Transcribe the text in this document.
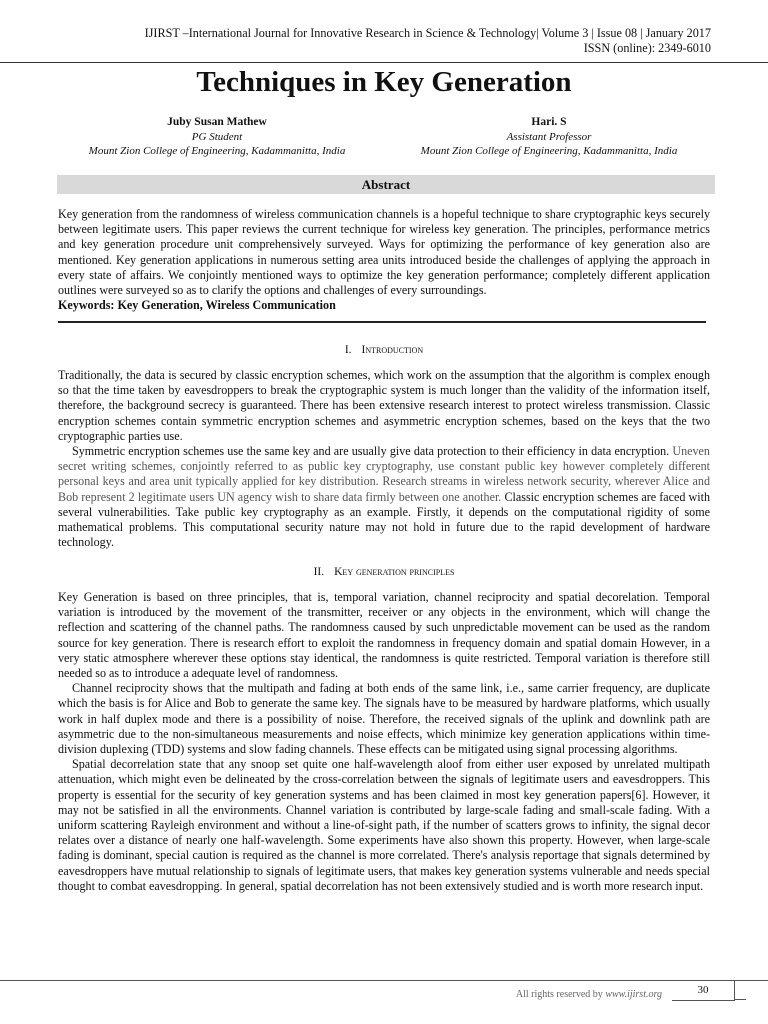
IJIRST –International Journal for Innovative Research in Science & Technology| Volume 3 | Issue 08 | January 2017
ISSN (online): 2349-6010
Techniques in Key Generation
Juby Susan Mathew
PG Student
Mount Zion College of Engineering, Kadammanitta, India
Hari. S
Assistant Professor
Mount Zion College of Engineering, Kadammanitta, India
Abstract
Key generation from the randomness of wireless communication channels is a hopeful technique to share cryptographic keys securely between legitimate users. This paper reviews the current technique for wireless key generation. The principles, performance metrics and key generation procedure unit comprehensively surveyed. Ways for optimizing the performance of key generation also are mentioned. Key generation applications in numerous setting area units introduced beside the challenges of applying the approach in every state of affairs. We conjointly mentioned ways to optimize the key generation performance; completely different application outlines were surveyed so as to clarify the options and challenges of every surroundings.
Keywords: Key Generation, Wireless Communication
I. Introduction
Traditionally, the data is secured by classic encryption schemes, which work on the assumption that the algorithm is complex enough so that the time taken by eavesdroppers to break the cryptographic system is much longer than the validity of the information itself, therefore, the background secrecy is guaranteed. There has been extensive research interest to protect wireless transmission. Classic encryption schemes contain symmetric encryption schemes and asymmetric encryption schemes, based on the keys that the two cryptographic parties use.
Symmetric encryption schemes use the same key and are usually give data protection to their efficiency in data encryption. Uneven secret writing schemes, conjointly referred to as public key cryptography, use constant public key however completely different personal keys and area unit typically applied for key distribution. Research streams in wireless network security, wherever Alice and Bob represent 2 legitimate users UN agency wish to share data firmly between one another. Classic encryption schemes are faced with several vulnerabilities. Take public key cryptography as an example. Firstly, it depends on the computational rigidity of some mathematical problems. This computational security nature may not hold in future due to the rapid development of hardware technology.
II. Key generation principles
Key Generation is based on three principles, that is, temporal variation, channel reciprocity and spatial decorelation. Temporal variation is introduced by the movement of the transmitter, receiver or any objects in the environment, which will change the reflection and scattering of the channel paths. The randomness caused by such unpredictable movement can be used as the random source for key generation. There is research effort to exploit the randomness in frequency domain and spatial domain However, in a very static atmosphere wherever these options stay identical, the randomness is quite restricted. Temporal variation is therefore still needed so as to introduce a adequate level of randomness.
Channel reciprocity shows that the multipath and fading at both ends of the same link, i.e., same carrier frequency, are duplicate which the basis is for Alice and Bob to generate the same key. The signals have to be measured by hardware platforms, which usually work in half duplex mode and there is a possibility of noise. Therefore, the received signals of the uplink and downlink path are asymmetric due to the non-simultaneous measurements and noise effects, which minimize key generation applications within time-division duplexing (TDD) systems and slow fading channels. These effects can be mitigated using signal processing algorithms.
Spatial decorrelation state that any snoop set quite one half-wavelength aloof from either user exposed by unrelated multipath attenuation, which might even be delineated by the cross-correlation between the signals of legitimate users and eavesdroppers. This property is essential for the security of key generation systems and has been claimed in most key generation papers[6]. However, it may not be satisfied in all the environments. Channel variation is contributed by large-scale fading and small-scale fading. With a uniform scattering Rayleigh environment and without a line-of-sight path, if the number of scatters grows to infinity, the signal decor relates over a distance of nearly one half-wavelength. Some experiments have also shown this property. However, when large-scale fading is dominant, special caution is required as the channel is more correlated. There's analysis reportage that signals determined by eavesdroppers have mutual relationship to signals of legitimate users, that makes key generation systems vulnerable and needs special thought to combat eavesdropping. In general, spatial decorrelation has not been extensively studied and is worth more research input.
All rights reserved by www.ijirst.org	30
